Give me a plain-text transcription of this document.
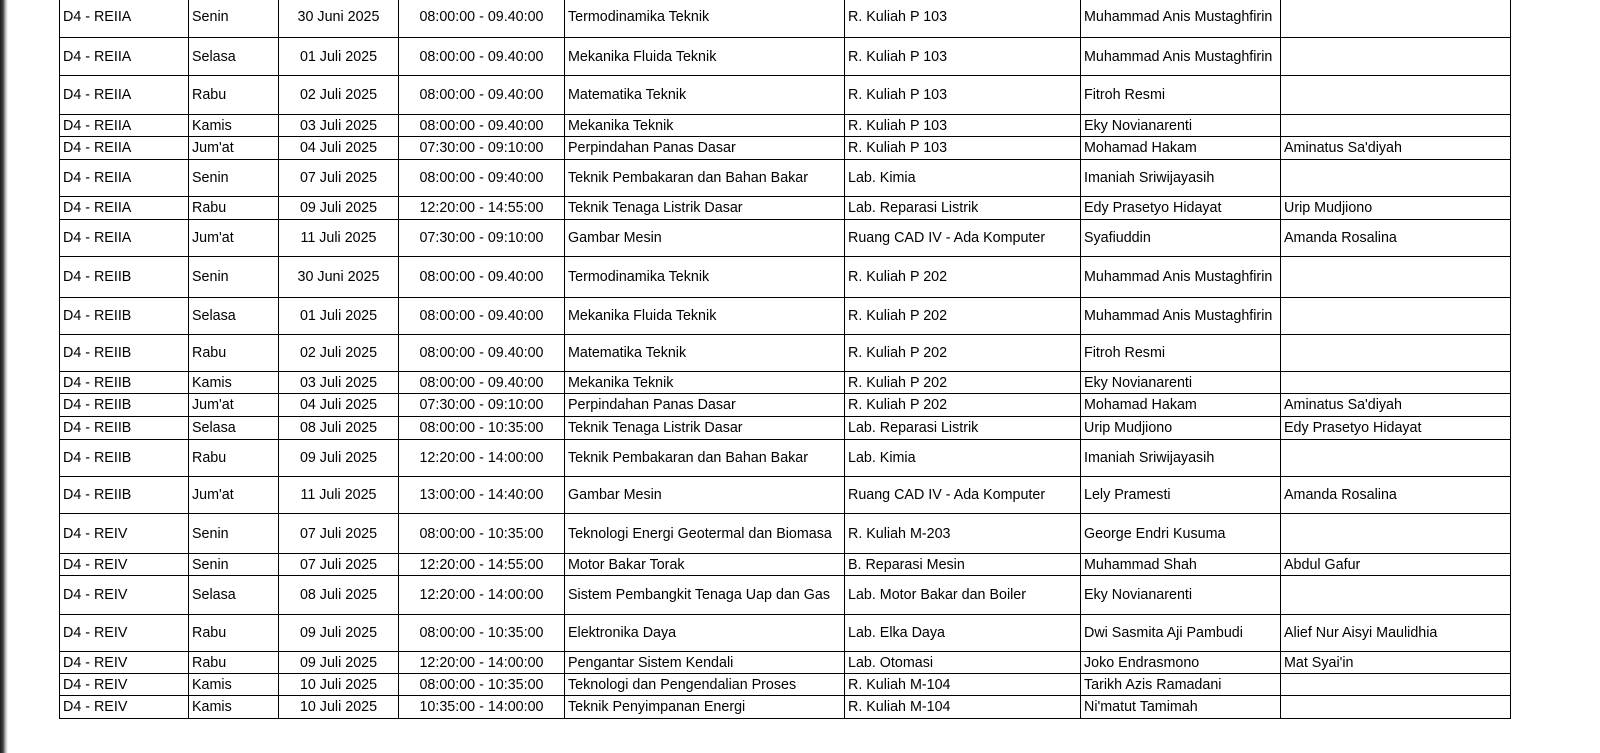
D4 - REIIA	Senin	30 Juni 2025	08:00:00 - 09.40:00	Termodinamika Teknik	R. Kuliah P 103	Muhammad Anis Mustaghfirin	
D4 - REIIA	Selasa	01 Juli 2025	08:00:00 - 09.40:00	Mekanika Fluida Teknik	R. Kuliah P 103	Muhammad Anis Mustaghfirin	
D4 - REIIA	Rabu	02 Juli 2025	08:00:00 - 09.40:00	Matematika Teknik	R. Kuliah P 103	Fitroh Resmi	
D4 - REIIA	Kamis	03 Juli 2025	08:00:00 - 09.40:00	Mekanika Teknik	R. Kuliah P 103	Eky Novianarenti	
D4 - REIIA	Jum'at	04 Juli 2025	07:30:00 - 09:10:00	Perpindahan Panas Dasar	R. Kuliah P 103	Mohamad Hakam	Aminatus Sa'diyah
D4 - REIIA	Senin	07 Juli 2025	08:00:00 - 09:40:00	Teknik Pembakaran dan Bahan Bakar	Lab. Kimia	Imaniah Sriwijayasih	
D4 - REIIA	Rabu	09 Juli 2025	12:20:00 - 14:55:00	Teknik Tenaga Listrik Dasar	Lab. Reparasi Listrik	Edy Prasetyo Hidayat	Urip Mudjiono
D4 - REIIA	Jum'at	11 Juli 2025	07:30:00 - 09:10:00	Gambar Mesin	Ruang CAD IV - Ada Komputer	Syafiuddin	Amanda Rosalina
D4 - REIIB	Senin	30 Juni 2025	08:00:00 - 09.40:00	Termodinamika Teknik	R. Kuliah P 202	Muhammad Anis Mustaghfirin	
D4 - REIIB	Selasa	01 Juli 2025	08:00:00 - 09.40:00	Mekanika Fluida Teknik	R. Kuliah P 202	Muhammad Anis Mustaghfirin	
D4 - REIIB	Rabu	02 Juli 2025	08:00:00 - 09.40:00	Matematika Teknik	R. Kuliah P 202	Fitroh Resmi	
D4 - REIIB	Kamis	03 Juli 2025	08:00:00 - 09.40:00	Mekanika Teknik	R. Kuliah P 202	Eky Novianarenti	
D4 - REIIB	Jum'at	04 Juli 2025	07:30:00 - 09:10:00	Perpindahan Panas Dasar	R. Kuliah P 202	Mohamad Hakam	Aminatus Sa'diyah
D4 - REIIB	Selasa	08 Juli 2025	08:00:00 - 10:35:00	Teknik Tenaga Listrik Dasar	Lab. Reparasi Listrik	Urip Mudjiono	Edy Prasetyo Hidayat
D4 - REIIB	Rabu	09 Juli 2025	12:20:00 - 14:00:00	Teknik Pembakaran dan Bahan Bakar	Lab. Kimia	Imaniah Sriwijayasih	
D4 - REIIB	Jum'at	11 Juli 2025	13:00:00 - 14:40:00	Gambar Mesin	Ruang CAD IV - Ada Komputer	Lely Pramesti	Amanda Rosalina
D4 - REIV	Senin	07 Juli 2025	08:00:00 - 10:35:00	Teknologi Energi Geotermal dan Biomasa	R. Kuliah M-203	George Endri Kusuma	
D4 - REIV	Senin	07 Juli 2025	12:20:00 - 14:55:00	Motor Bakar Torak	B. Reparasi Mesin	Muhammad Shah	Abdul Gafur
D4 - REIV	Selasa	08 Juli 2025	12:20:00 - 14:00:00	Sistem Pembangkit Tenaga Uap dan Gas	Lab. Motor Bakar dan Boiler	Eky Novianarenti	
D4 - REIV	Rabu	09 Juli 2025	08:00:00 - 10:35:00	Elektronika Daya	Lab. Elka Daya	Dwi Sasmita Aji Pambudi	Alief Nur Aisyi Maulidhia
D4 - REIV	Rabu	09 Juli 2025	12:20:00 - 14:00:00	Pengantar Sistem Kendali	Lab. Otomasi	Joko Endrasmono	Mat Syai'in
D4 - REIV	Kamis	10 Juli 2025	08:00:00 - 10:35:00	Teknologi dan Pengendalian Proses	R. Kuliah M-104	Tarikh Azis Ramadani	
D4 - REIV	Kamis	10 Juli 2025	10:35:00 - 14:00:00	Teknik Penyimpanan Energi	R. Kuliah M-104	Ni'matut Tamimah	
